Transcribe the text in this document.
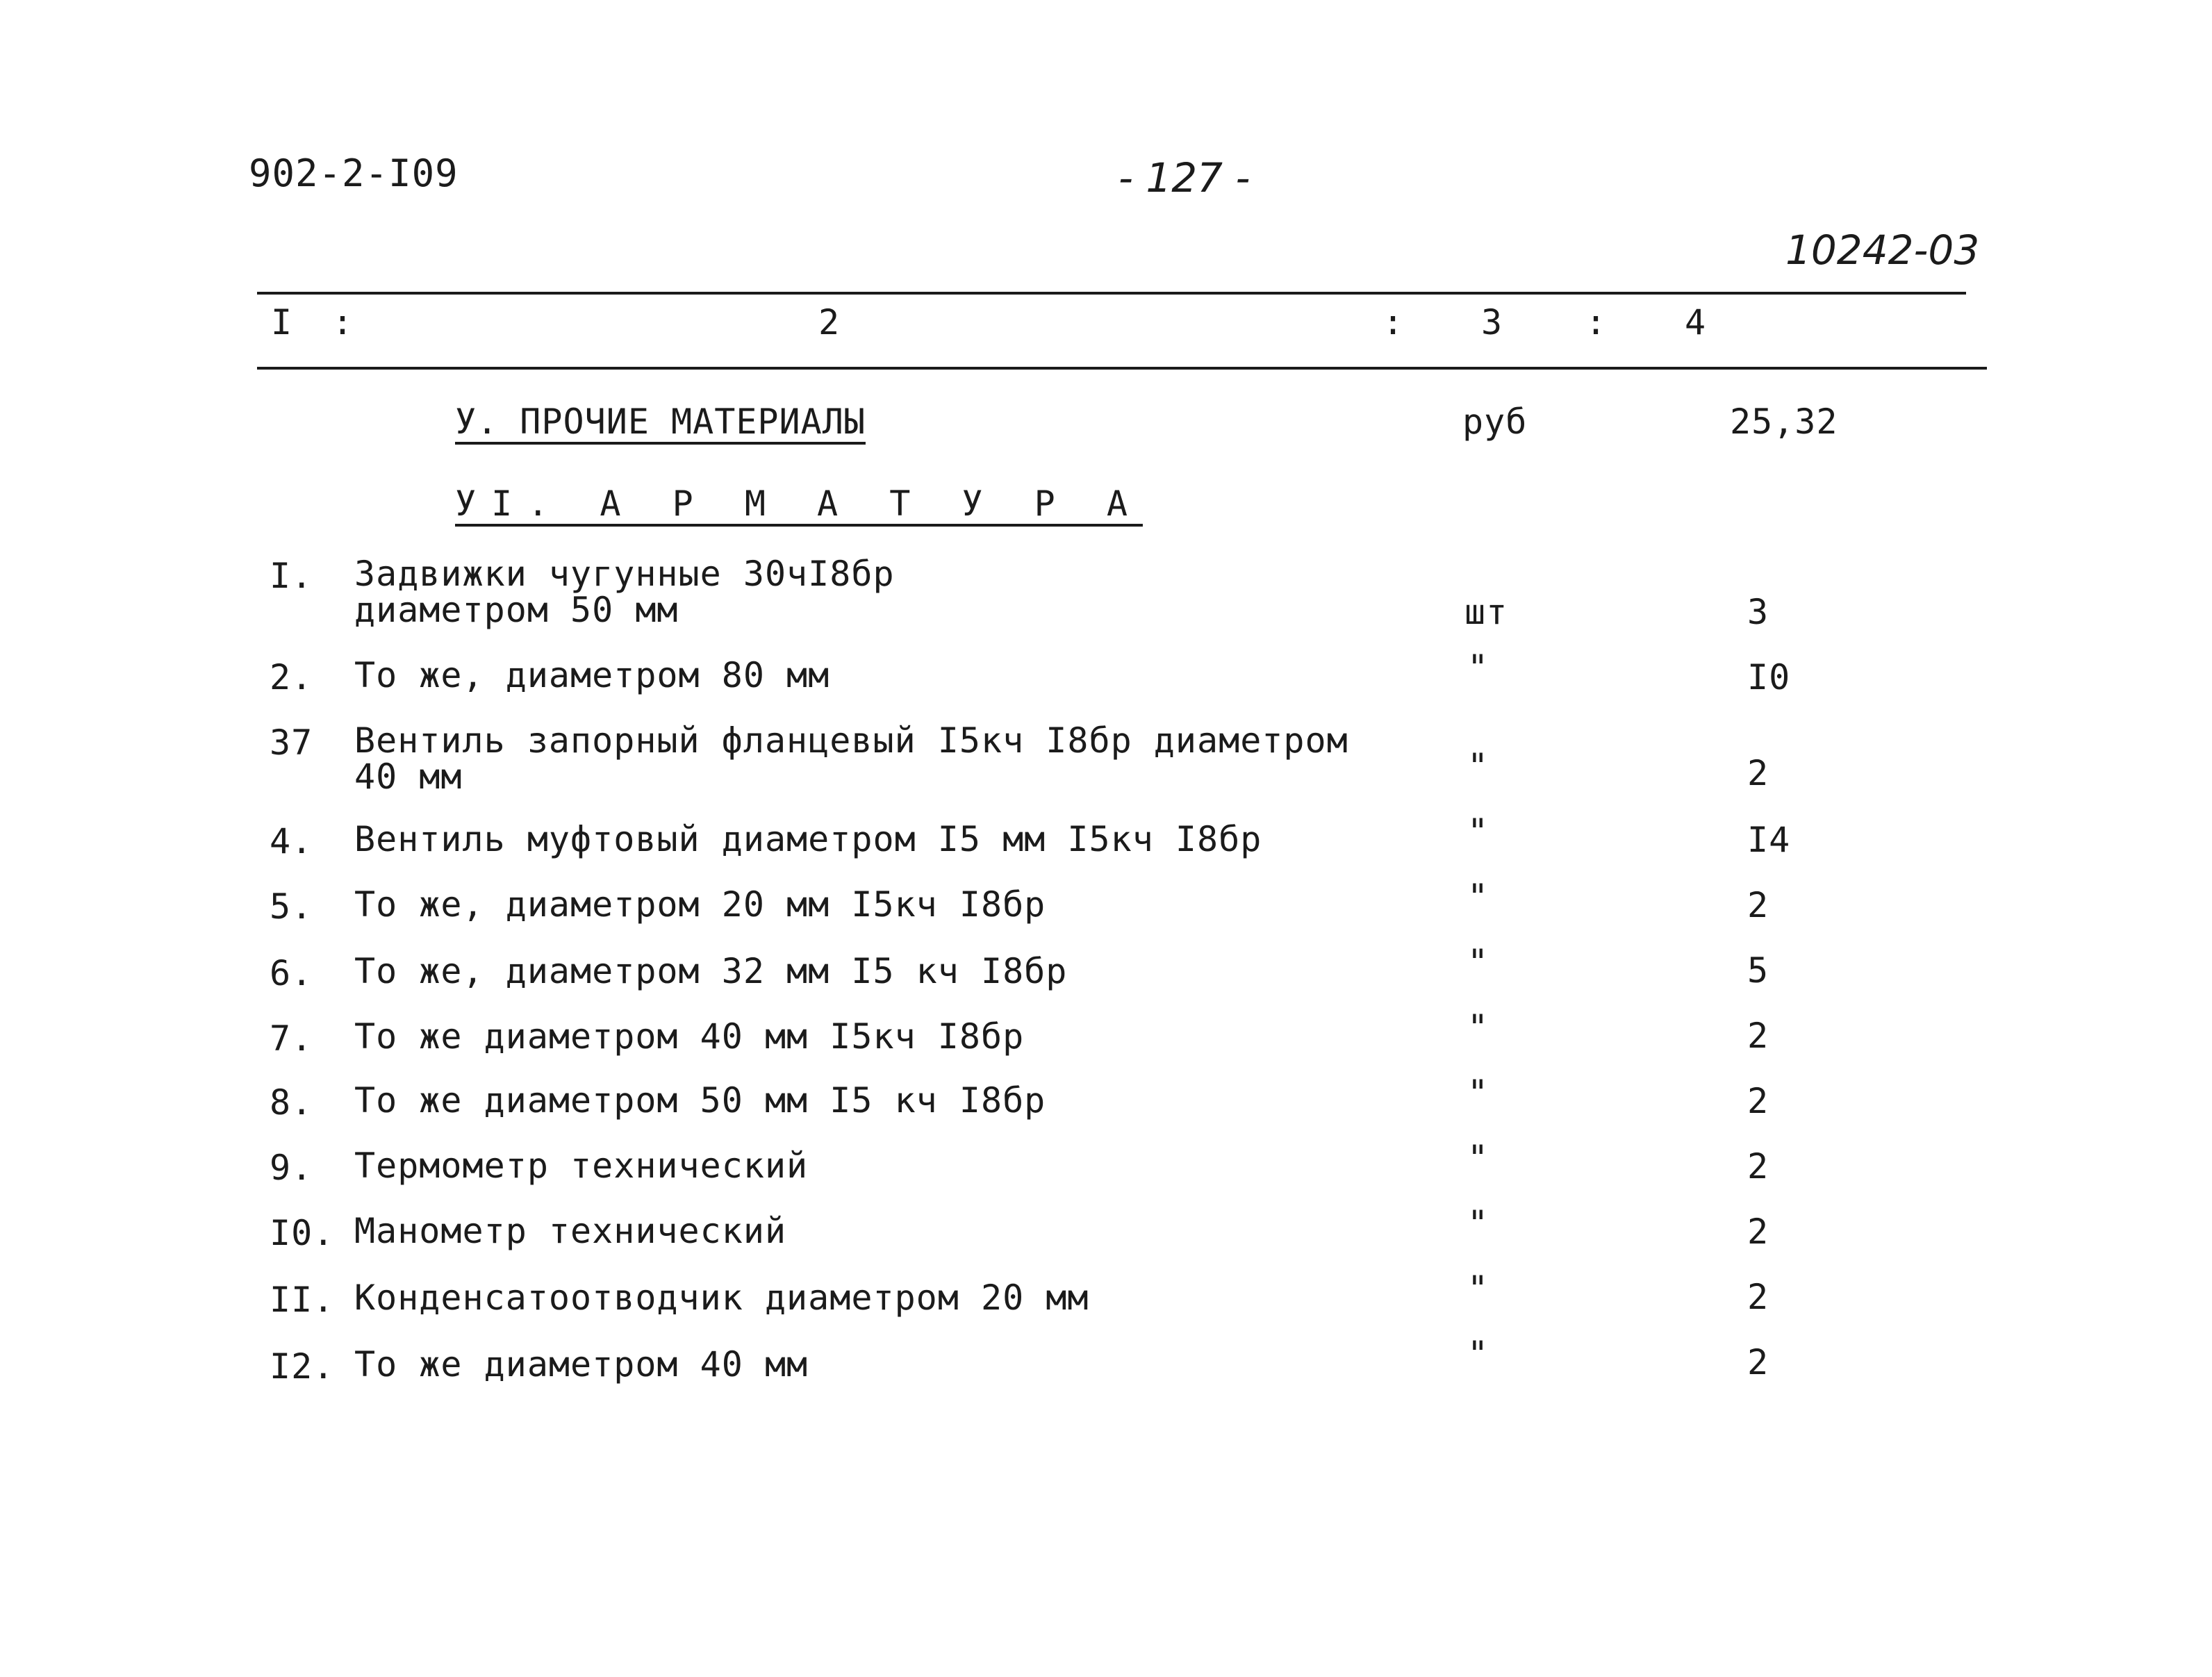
902-2-I09	- 127 -
10242-03
I :	2	: 3 : 4
У. ПРОЧИЕ МАТЕРИАЛЫ	руб	25,32
УI. А Р М А Т У Р А
I.	Задвижки чугунные 30чI8бр
диаметром 50 мм	шт	3
2.	То же, диаметром 80 мм	"	I0
37	Вентиль запорный фланцевый I5кч I8бр диаметром
40 мм	"	2
4.	Вентиль муфтовый диаметром I5 мм I5кч I8бр	"	I4
5.	То же, диаметром 20 мм I5кч I8бр	"	2
6.	То же, диаметром 32 мм I5 кч I8бр	"	5
7.	То же диаметром 40 мм I5кч I8бр	"	2
8.	То же диаметром 50 мм I5 кч I8бр	"	2
9.	Термометр технический	"	2
I0. Манометр технический	"	2
II. Конденсатоотводчик диаметром 20 мм	"	2
I2. То же диаметром 40 мм	"	2
